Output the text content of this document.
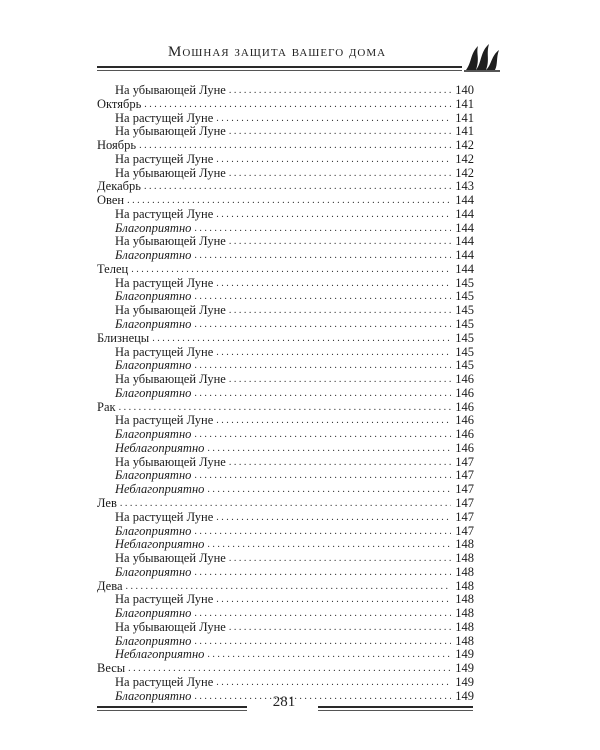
Мошная защита вашего дома
На убывающей Луне . . .	140
Октябрь . . .	141
На растущей Луне . . .	141
На убывающей Луне . . .	141
Ноябрь . . .	142
На растущей Луне . . .	142
На убывающей Луне . . .	142
Декабрь . . .	143
Овен . . .	144
На растущей Луне . . .	144
Благоприятно . . .	144
На убывающей Луне . . .	144
Благоприятно . . .	144
Телец . . .	144
На растущей Луне . . .	145
Благоприятно . . .	145
На убывающей Луне . . .	145
Благоприятно . . .	145
Близнецы . . .	145
На растущей Луне . . .	145
Благоприятно . . .	145
На убывающей Луне . . .	146
Благоприятно . . .	146
Рак . . .	146
На растущей Луне . . .	146
Благоприятно . . .	146
Неблагоприятно . . .	146
На убывающей Луне . . .	147
Благоприятно . . .	147
Неблагоприятно . . .	147
Лев . . .	147
На растущей Луне . . .	147
Благоприятно . . .	147
Неблагоприятно . . .	148
На убывающей Луне . . .	148
Благоприятно . . .	148
Дева . . .	148
На растущей Луне . . .	148
Благоприятно . . .	148
На убывающей Луне . . .	148
Благоприятно . . .	148
Неблагоприятно . . .	149
Весы . . .	149
На растущей Луне . . .	149
Благоприятно . . .	149
281
